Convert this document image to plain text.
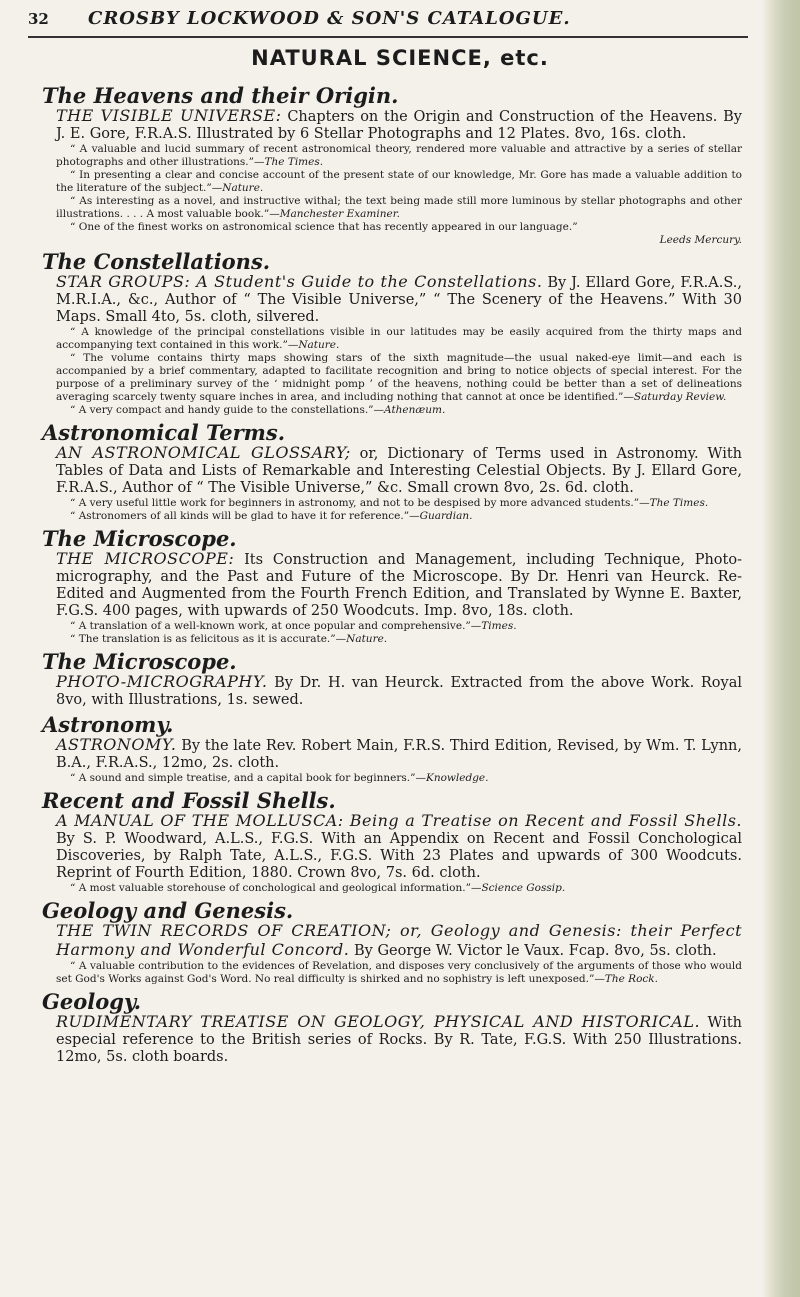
32 CROSBY LOCKWOOD & SON'S CATALOGUE.
NATURAL SCIENCE, etc.
The Heavens and their Origin.

THE VISIBLE UNIVERSE: Chapters on the Origin and Construction of the Heavens. By J. E. Gore, F.R.A.S. Illustrated by 6 Stellar Photographs and 12 Plates. 8vo, 16s. cloth.

“ A valuable and lucid summary of recent astronomical theory, rendered more valuable and attractive by a series of stellar photographs and other illustrations.”—The Times.

“ In presenting a clear and concise account of the present state of our knowledge, Mr. Gore has made a valuable addition to the literature of the subject.”—Nature.

“ As interesting as a novel, and instructive withal; the text being made still more luminous by stellar photographs and other illustrations. . . . A most valuable book.”—Manchester Examiner.

“ One of the finest works on astronomical science that has recently appeared in our language.”

Leeds Mercury.

The Constellations.

STAR GROUPS: A Student's Guide to the Constellations. By J. Ellard Gore, F.R.A.S., M.R.I.A., &c., Author of “ The Visible Universe,” “ The Scenery of the Heavens.” With 30 Maps. Small 4to, 5s. cloth, silvered.

“ A knowledge of the principal constellations visible in our latitudes may be easily acquired from the thirty maps and accompanying text contained in this work.”—Nature.

“ The volume contains thirty maps showing stars of the sixth magnitude—the usual naked-eye limit—and each is accompanied by a brief commentary, adapted to facilitate recognition and bring to notice objects of special interest. For the purpose of a preliminary survey of the ‘ midnight pomp ’ of the heavens, nothing could be better than a set of delineations averaging scarcely twenty square inches in area, and including nothing that cannot at once be identified.”—Saturday Review.

“ A very compact and handy guide to the constellations.”—Athenæum.

Astronomical Terms.

AN ASTRONOMICAL GLOSSARY; or, Dictionary of Terms used in Astronomy. With Tables of Data and Lists of Remarkable and Interesting Celestial Objects. By J. Ellard Gore, F.R.A.S., Author of “ The Visible Universe,” &c. Small crown 8vo, 2s. 6d. cloth.

“ A very useful little work for beginners in astronomy, and not to be despised by more advanced students.”—The Times.

“ Astronomers of all kinds will be glad to have it for reference.”—Guardian.

The Microscope.

THE MICROSCOPE: Its Construction and Management, including Technique, Photo-micrography, and the Past and Future of the Microscope. By Dr. Henri van Heurck. Re-Edited and Augmented from the Fourth French Edition, and Translated by Wynne E. Baxter, F.G.S. 400 pages, with upwards of 250 Woodcuts. Imp. 8vo, 18s. cloth.

“ A translation of a well-known work, at once popular and comprehensive.”—Times.

“ The translation is as felicitous as it is accurate.”—Nature.

The Microscope.

PHOTO-MICROGRAPHY. By Dr. H. van Heurck. Extracted from the above Work. Royal 8vo, with Illustrations, 1s. sewed.

Astronomy.

ASTRONOMY. By the late Rev. Robert Main, F.R.S. Third Edition, Revised, by Wm. T. Lynn, B.A., F.R.A.S., 12mo, 2s. cloth.

“ A sound and simple treatise, and a capital book for beginners.”—Knowledge.

Recent and Fossil Shells.

A MANUAL OF THE MOLLUSCA: Being a Treatise on Recent and Fossil Shells. By S. P. Woodward, A.L.S., F.G.S. With an Appendix on Recent and Fossil Conchological Discoveries, by Ralph Tate, A.L.S., F.G.S. With 23 Plates and upwards of 300 Woodcuts. Reprint of Fourth Edition, 1880. Crown 8vo, 7s. 6d. cloth.

“ A most valuable storehouse of conchological and geological information.”—Science Gossip.

Geology and Genesis.

THE TWIN RECORDS OF CREATION; or, Geology and Genesis: their Perfect Harmony and Wonderful Concord. By George W. Victor le Vaux. Fcap. 8vo, 5s. cloth.

“ A valuable contribution to the evidences of Revelation, and disposes very conclusively of the arguments of those who would set God's Works against God's Word. No real difficulty is shirked and no sophistry is left unexposed.”—The Rock.

Geology.

RUDIMENTARY TREATISE ON GEOLOGY, PHYSICAL AND HISTORICAL. With especial reference to the British series of Rocks. By R. Tate, F.G.S. With 250 Illustrations. 12mo, 5s. cloth boards.
